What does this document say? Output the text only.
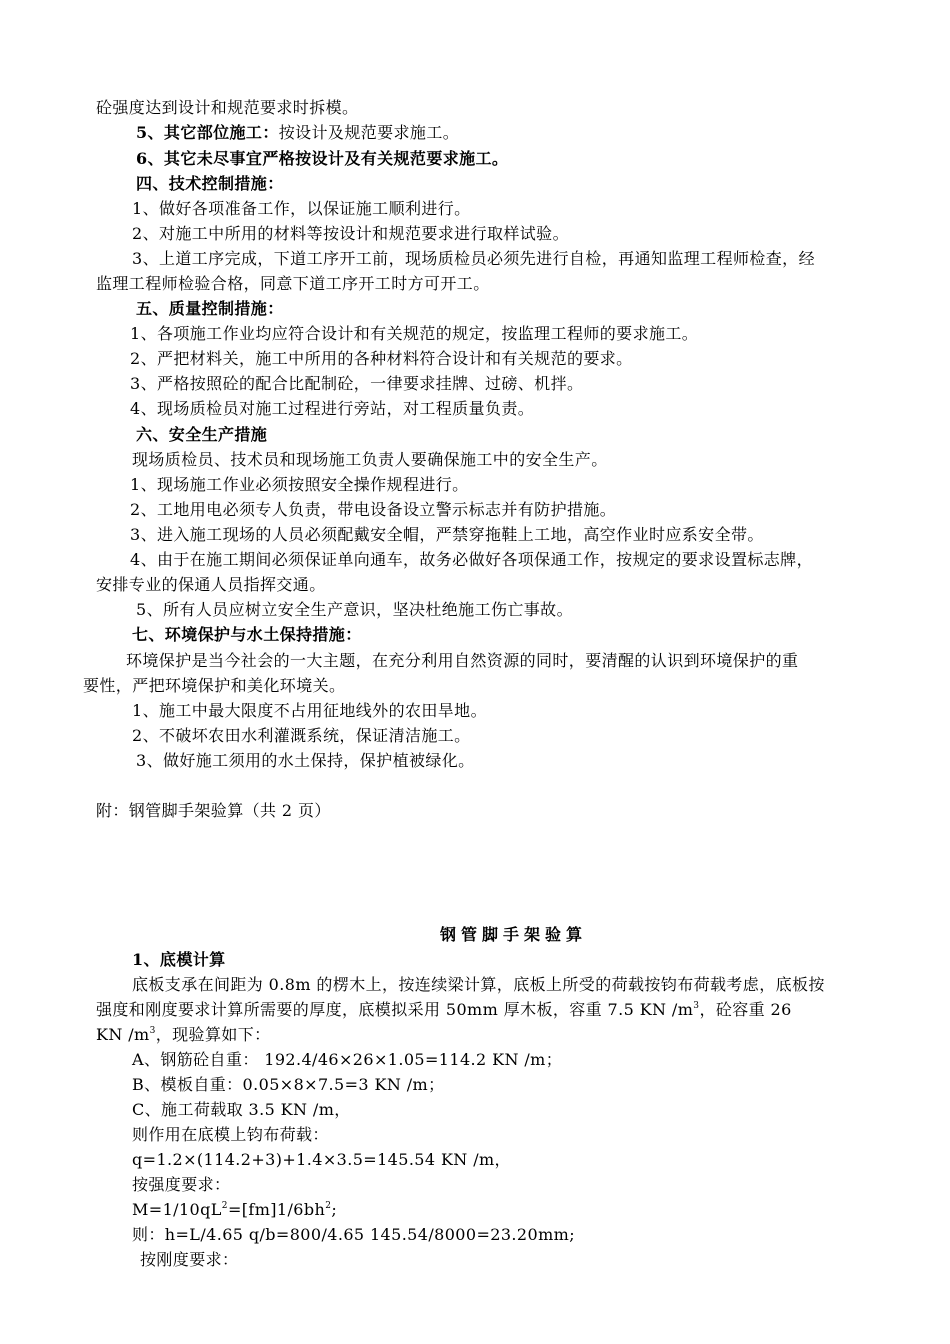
砼强度达到设计和规范要求时拆模。
5、其它部位施工：按设计及规范要求施工。
6、其它未尽事宜严格按设计及有关规范要求施工。
四、技术控制措施：
1、做好各项准备工作，以保证施工顺利进行。
2、对施工中所用的材料等按设计和规范要求进行取样试验。
3、上道工序完成，下道工序开工前，现场质检员必须先进行自检，再通知监理工程师检查，经
监理工程师检验合格，同意下道工序开工时方可开工。
五、质量控制措施：
1、各项施工作业均应符合设计和有关规范的规定，按监理工程师的要求施工。
2、严把材料关，施工中所用的各种材料符合设计和有关规范的要求。
3、严格按照砼的配合比配制砼，一律要求挂牌、过磅、机拌。
4、现场质检员对施工过程进行旁站，对工程质量负责。
六、安全生产措施
现场质检员、技术员和现场施工负责人要确保施工中的安全生产。
1、现场施工作业必须按照安全操作规程进行。
2、工地用电必须专人负责，带电设备设立警示标志并有防护措施。
3、进入施工现场的人员必须配戴安全帽，严禁穿拖鞋上工地，高空作业时应系安全带。
4、由于在施工期间必须保证单向通车，故务必做好各项保通工作，按规定的要求设置标志牌，
安排专业的保通人员指挥交通。
5、所有人员应树立安全生产意识，坚决杜绝施工伤亡事故。
七、环境保护与水土保持措施：
环境保护是当今社会的一大主题，在充分利用自然资源的同时，要清醒的认识到环境保护的重
要性，严把环境保护和美化环境关。
1、施工中最大限度不占用征地线外的农田旱地。
2、不破坏农田水利灌溉系统，保证清洁施工。
3、做好施工须用的水土保持，保护植被绿化。
附：钢管脚手架验算（共 2 页）
钢管脚手架验算
1、底模计算
底板支承在间距为 0.8m 的楞木上，按连续梁计算，底板上所受的荷载按钧布荷载考虑，底板按
强度和刚度要求计算所需要的厚度，底模拟采用 50mm 厚木板，容重 7.5 KN $/m^3$，砼容重 26
KN $/m^3$，现验算如下：
A、钢筋砼自重： 192.4/46×26×1.05=114.2 KN /m；
B、模板自重：0.05×8×7.5=3 KN /m；
C、施工荷载取 3.5 KN /m，
则作用在底模上钧布荷载：
q=1.2×(114.2+3)+1.4×3.5=145.54 KN /m，
按强度要求：
$M=1/10qL^2=[fm]1/6bh^2$;
则：h=L/4.65 q/b=800/4.65 145.54/8000=23.20mm;
按刚度要求：
